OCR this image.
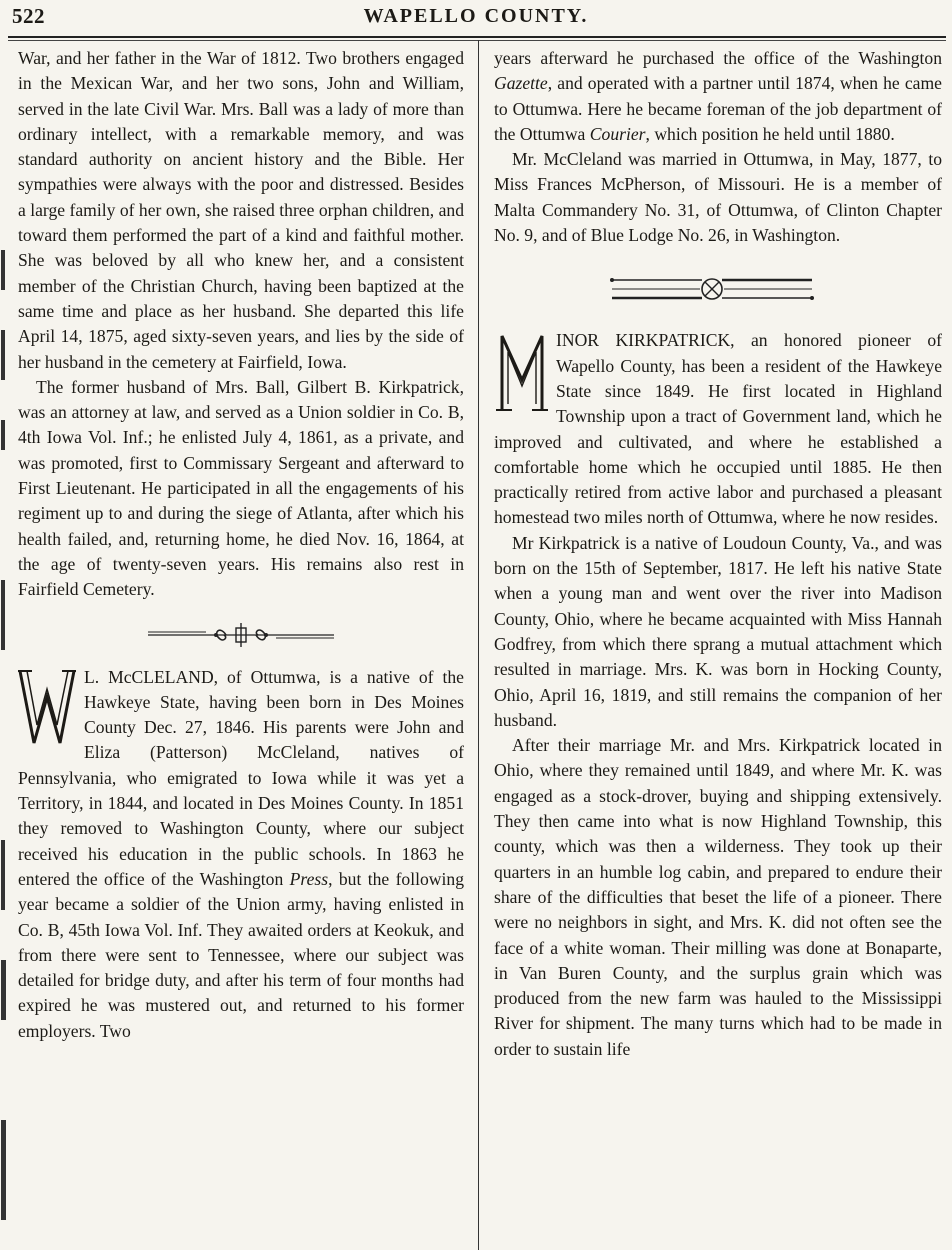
522	WAPELLO COUNTY.

War, and her father in the War of 1812. Two brothers engaged in the Mexican War, and her two sons, John and William, served in the late Civil War. Mrs. Ball was a lady of more than ordinary intellect, with a remarkable memory, and was standard authority on ancient history and the Bible. Her sympathies were always with the poor and distressed. Besides a large family of her own, she raised three orphan children, and toward them performed the part of a kind and faithful mother. She was beloved by all who knew her, and a consistent member of the Christian Church, having been baptized at the same time and place as her husband. She departed this life April 14, 1875, aged sixty-seven years, and lies by the side of her husband in the cemetery at Fairfield, Iowa.

The former husband of Mrs. Ball, Gilbert B. Kirkpatrick, was an attorney at law, and served as a Union soldier in Co. B, 4th Iowa Vol. Inf.; he enlisted July 4, 1861, as a private, and was promoted, first to Commissary Sergeant and afterward to First Lieutenant. He participated in all the engagements of his regiment up to and during the siege of Atlanta, after which his health failed, and, returning home, he died Nov. 16, 1864, at the age of twenty-seven years. His remains also rest in Fairfield Cemetery.

L. McCLELAND, of Ottumwa, is a native of the Hawkeye State, having been born in Des Moines County Dec. 27, 1846. His parents were John and Eliza (Patterson) McCleland, natives of Pennsylvania, who emigrated to Iowa while it was yet a Territory, in 1844, and located in Des Moines County. In 1851 they removed to Washington County, where our subject received his education in the public schools. In 1863 he entered the office of the Washington Press, but the following year became a soldier of the Union army, having enlisted in Co. B, 45th Iowa Vol. Inf. They awaited orders at Keokuk, and from there were sent to Tennessee, where our subject was detailed for bridge duty, and after his term of four months had expired he was mustered out, and returned to his former employers. Two

years afterward he purchased the office of the Washington Gazette, and operated with a partner until 1874, when he came to Ottumwa. Here he became foreman of the job department of the Ottumwa Courier, which position he held until 1880.

Mr. McCleland was married in Ottumwa, in May, 1877, to Miss Frances McPherson, of Missouri. He is a member of Malta Commandery No. 31, of Ottumwa, of Clinton Chapter No. 9, and of Blue Lodge No. 26, in Washington.

INOR KIRKPATRICK, an honored pioneer of Wapello County, has been a resident of the Hawkeye State since 1849. He first located in Highland Township upon a tract of Government land, which he improved and cultivated, and where he established a comfortable home which he occupied until 1885. He then practically retired from active labor and purchased a pleasant homestead two miles north of Ottumwa, where he now resides.

Mr Kirkpatrick is a native of Loudoun County, Va., and was born on the 15th of September, 1817. He left his native State when a young man and went over the river into Madison County, Ohio, where he became acquainted with Miss Hannah Godfrey, from which there sprang a mutual attachment which resulted in marriage. Mrs. K. was born in Hocking County, Ohio, April 16, 1819, and still remains the companion of her husband.

After their marriage Mr. and Mrs. Kirkpatrick located in Ohio, where they remained until 1849, and where Mr. K. was engaged as a stock-drover, buying and shipping extensively. They then came into what is now Highland Township, this county, which was then a wilderness. They took up their quarters in an humble log cabin, and prepared to endure their share of the difficulties that beset the life of a pioneer. There were no neighbors in sight, and Mrs. K. did not often see the face of a white woman. Their milling was done at Bonaparte, in Van Buren County, and the surplus grain which was produced from the new farm was hauled to the Mississippi River for shipment. The many turns which had to be made in order to sustain life
